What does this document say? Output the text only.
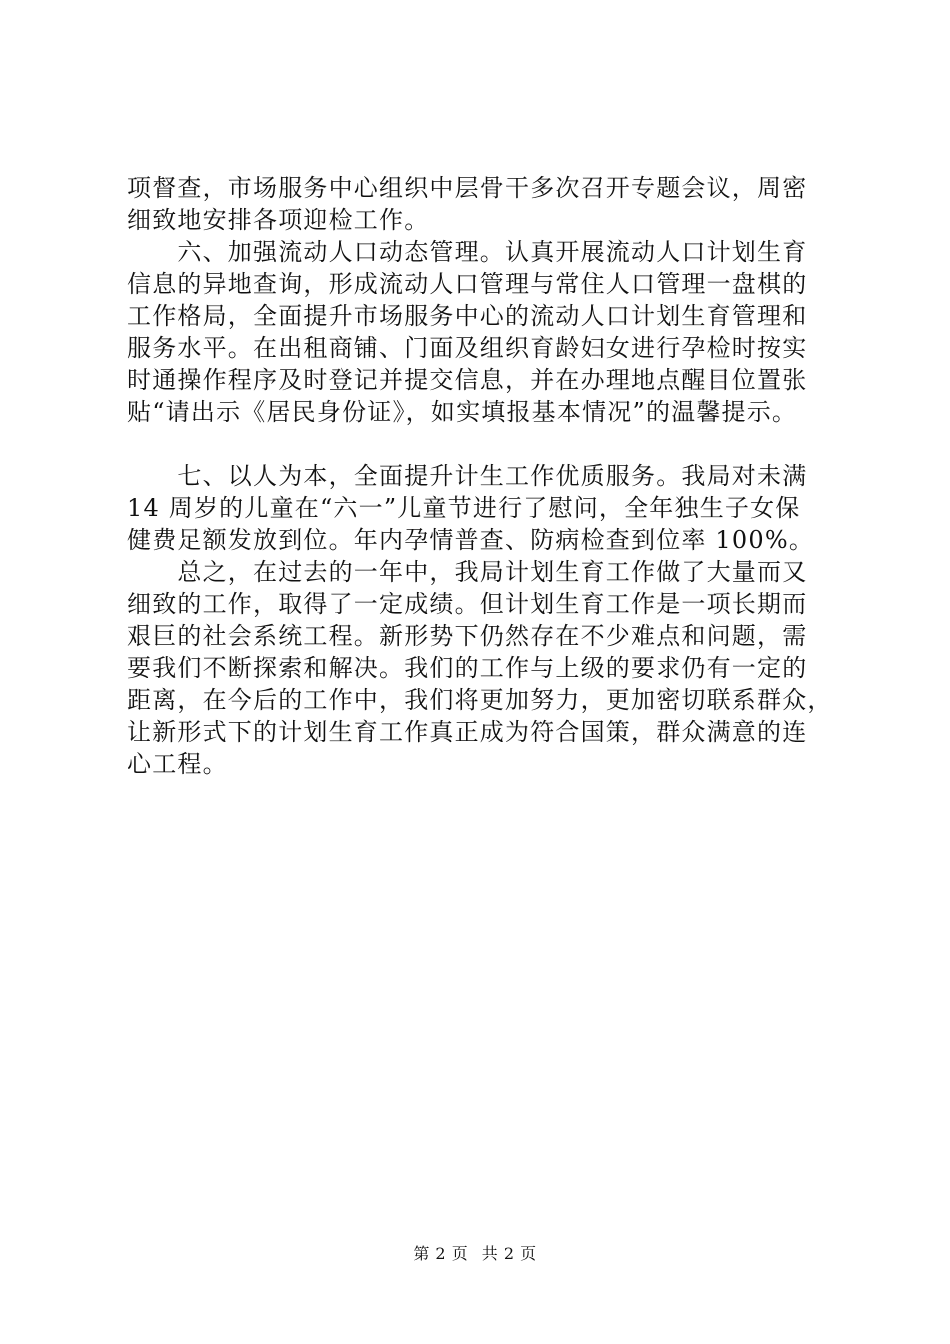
项督查，市场服务中心组织中层骨干多次召开专题会议，周密
细致地安排各项迎检工作。
　　六、加强流动人口动态管理。认真开展流动人口计划生育
信息的异地查询，形成流动人口管理与常住人口管理一盘棋的
工作格局，全面提升市场服务中心的流动人口计划生育管理和
服务水平。在出租商铺、门面及组织育龄妇女进行孕检时按实
时通操作程序及时登记并提交信息，并在办理地点醒目位置张
贴“请出示《居民身份证》，如实填报基本情况”的温馨提示。
　　七、以人为本，全面提升计生工作优质服务。我局对未满
14 周岁的儿童在“六一”儿童节进行了慰问，全年独生子女保
健费足额发放到位。年内孕情普查、防病检查到位率 100%。
　　总之，在过去的一年中，我局计划生育工作做了大量而又
细致的工作，取得了一定成绩。但计划生育工作是一项长期而
艰巨的社会系统工程。新形势下仍然存在不少难点和问题，需
要我们不断探索和解决。我们的工作与上级的要求仍有一定的
距离，在今后的工作中，我们将更加努力，更加密切联系群众，
让新形式下的计划生育工作真正成为符合国策，群众满意的连
心工程。
第 2 页 共 2 页
